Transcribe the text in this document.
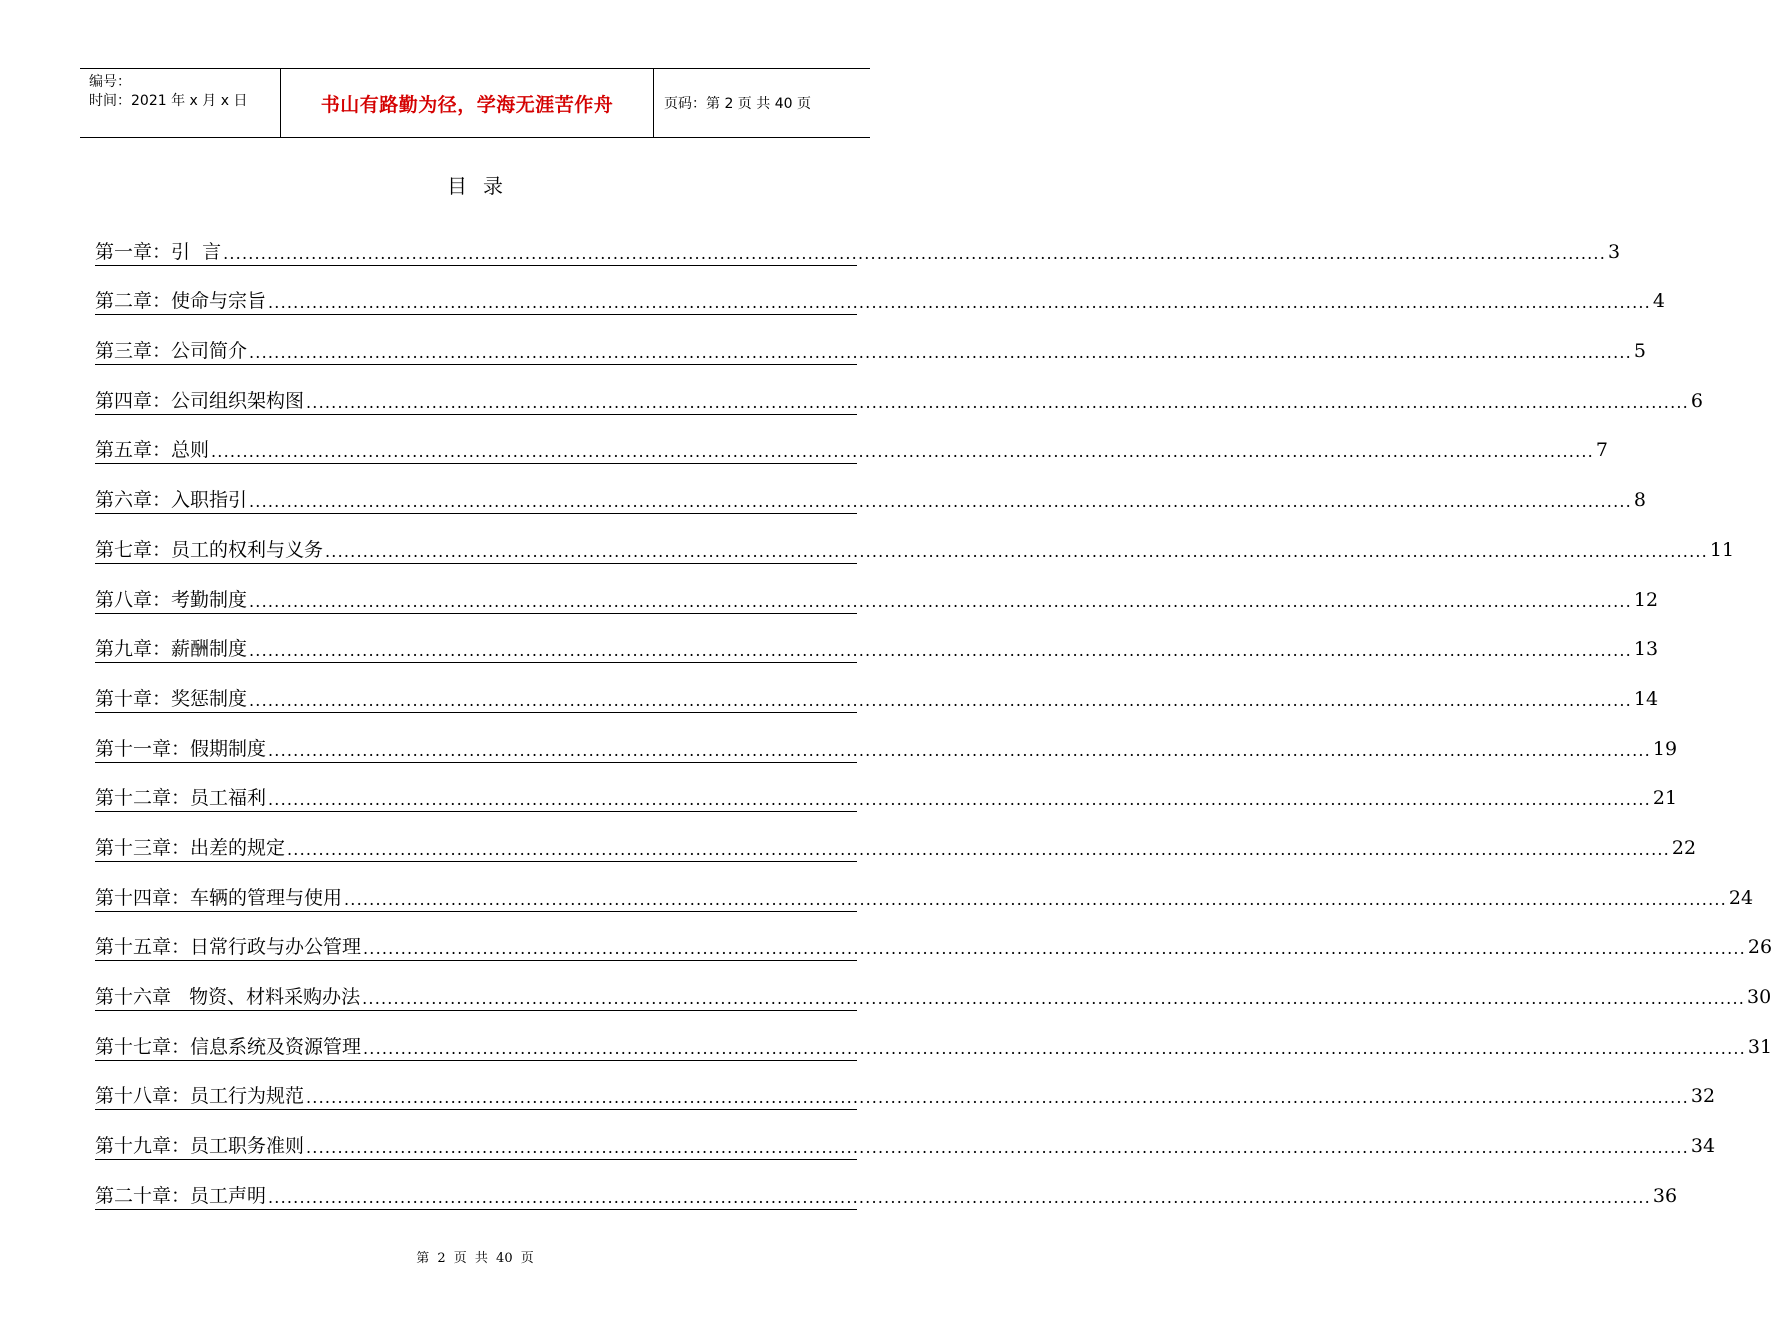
编号：
时间：2021 年 x 月 x 日	书山有路勤为径，学海无涯苦作舟	页码：第 2 页 共 40 页
目录
第一章：引  言 ............................................................................................................................................................................................................................ 3
第二章：使命与宗旨 ............................................................................................................................................................................................................................ 4
第三章：公司简介 ............................................................................................................................................................................................................................ 5
第四章：公司组织架构图 ............................................................................................................................................................................................................................ 6
第五章：总则 ............................................................................................................................................................................................................................ 7
第六章：入职指引 ............................................................................................................................................................................................................................ 8
第七章：员工的权利与义务 ............................................................................................................................................................................................................................ 11
第八章：考勤制度 ............................................................................................................................................................................................................................ 12
第九章：薪酬制度 ............................................................................................................................................................................................................................ 13
第十章：奖惩制度 ............................................................................................................................................................................................................................ 14
第十一章：假期制度 ............................................................................................................................................................................................................................ 19
第十二章：员工福利 ............................................................................................................................................................................................................................ 21
第十三章：出差的规定 ............................................................................................................................................................................................................................ 22
第十四章：车辆的管理与使用 ............................................................................................................................................................................................................................ 24
第十五章：日常行政与办公管理 ............................................................................................................................................................................................................................ 26
第十六章   物资、材料采购办法 ............................................................................................................................................................................................................................ 30
第十七章：信息系统及资源管理 ............................................................................................................................................................................................................................ 31
第十八章：员工行为规范 ............................................................................................................................................................................................................................ 32
第十九章：员工职务准则 ............................................................................................................................................................................................................................ 34
第二十章：员工声明 ............................................................................................................................................................................................................................ 36
第 2 页 共 40 页
